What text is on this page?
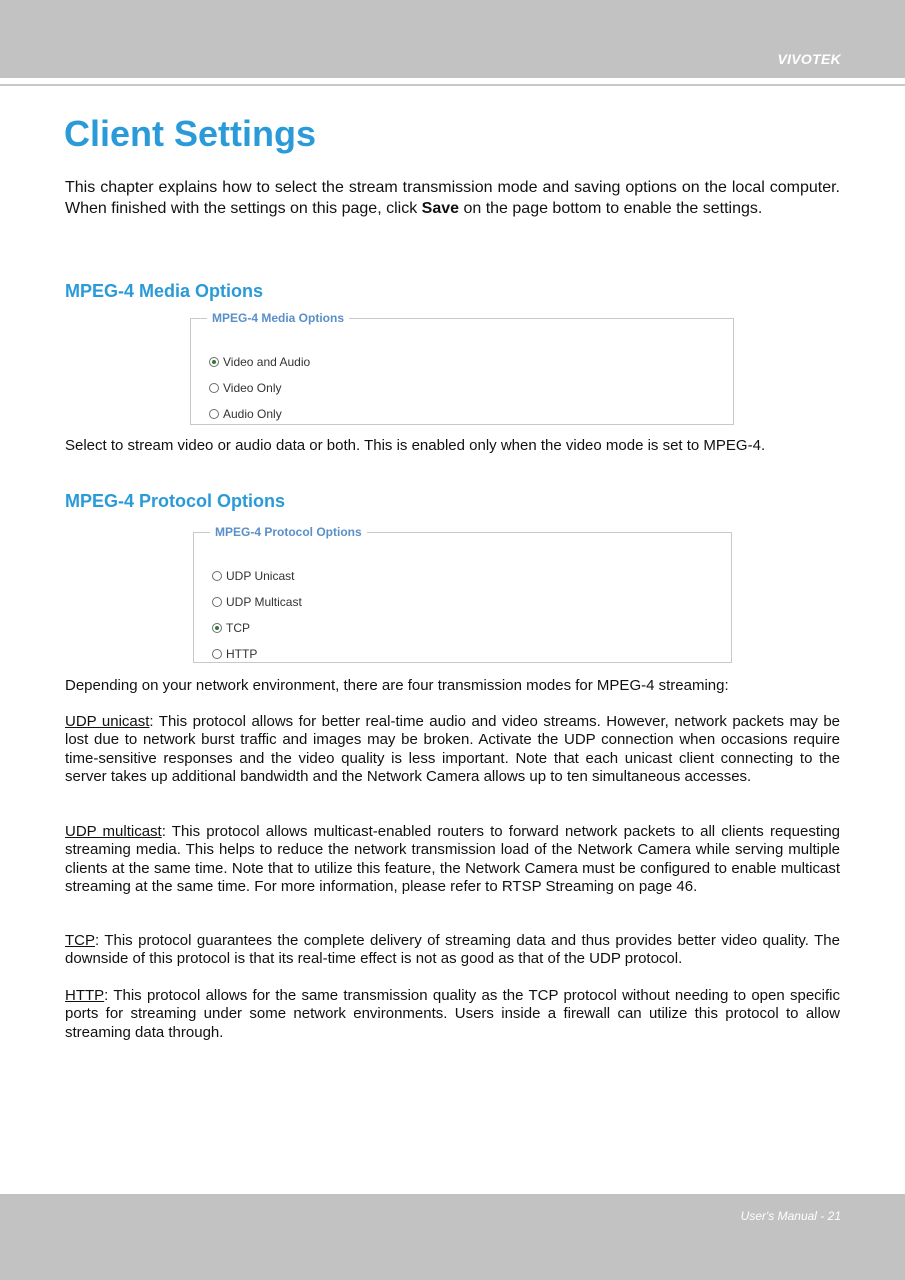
VIVOTEK
Client Settings

This chapter explains how to select the stream transmission mode and saving options on the local computer. When finished with the settings on this page, click Save on the page bottom to enable the settings.

MPEG-4 Media Options
MPEG-4 Media Options
Video and Audio
Video Only
Audio Only

Select to stream video or audio data or both. This is enabled only when the video mode is set to MPEG-4.

MPEG-4 Protocol Options
MPEG-4 Protocol Options
UDP Unicast
UDP Multicast
TCP
HTTP

Depending on your network environment, there are four transmission modes for MPEG-4 streaming:

UDP unicast: This protocol allows for better real-time audio and video streams. However, network packets may be lost due to network burst traffic and images may be broken. Activate the UDP connection when occasions require time-sensitive responses and the video quality is less important. Note that each unicast client connecting to the server takes up additional bandwidth and the Network Camera allows up to ten simultaneous accesses.

UDP multicast: This protocol allows multicast-enabled routers to forward network packets to all clients requesting streaming media. This helps to reduce the network transmission load of the Network Camera while serving multiple clients at the same time. Note that to utilize this feature, the Network Camera must be configured to enable multicast streaming at the same time. For more information, please refer to RTSP Streaming on page 46.

TCP: This protocol guarantees the complete delivery of streaming data and thus provides better video quality. The downside of this protocol is that its real-time effect is not as good as that of the UDP protocol.

HTTP: This protocol allows for the same transmission quality as the TCP protocol without needing to open specific ports for streaming under some network environments. Users inside a firewall can utilize this protocol to allow streaming data through.

User's Manual - 21
